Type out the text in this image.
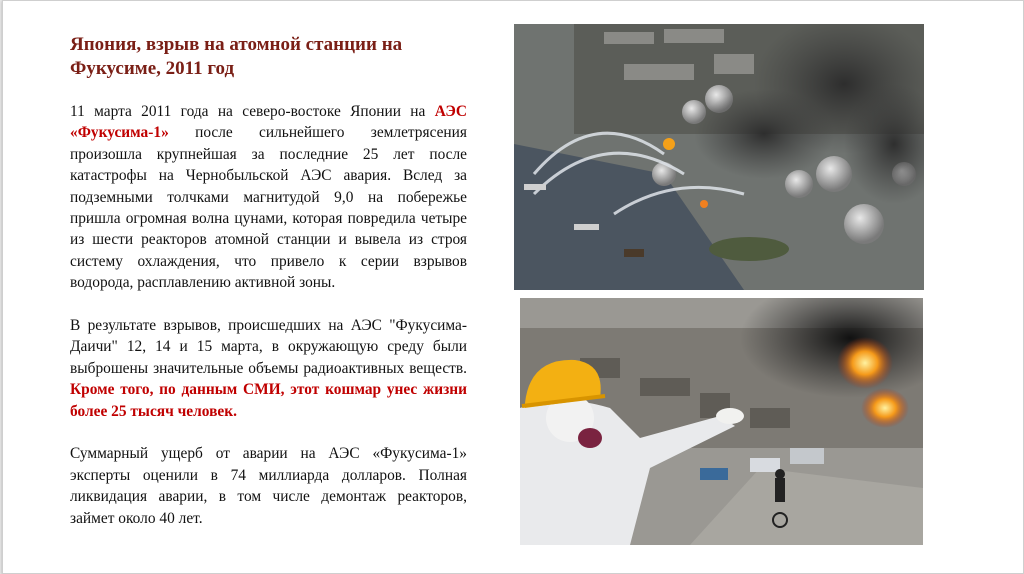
Япония, взрыв на атомной станции на
Фукусиме, 2011 год

11 марта 2011 года на северо-востоке Японии на АЭС «Фукусима-1» после сильнейшего землетрясения произошла крупнейшая за последние 25 лет после катастрофы на Чернобыльской АЭС авария. Вслед за подземными толчками магнитудой 9,0 на побережье пришла огромная волна цунами, которая повредила четыре из шести реакторов атомной станции и вывела из строя систему охлаждения, что привело к серии взрывов водорода, расплавлению активной зоны.

В результате взрывов, происшедших на АЭС "Фукусима-Даичи" 12, 14 и 15 марта, в окружающую среду были выброшены значительные объемы радиоактивных веществ. Кроме того, по данным СМИ, этот кошмар унес жизни более 25 тысяч человек.

Суммарный ущерб от аварии на АЭС «Фукусима-1» эксперты оценили в 74 миллиарда долларов. Полная ликвидация аварии, в том числе демонтаж реакторов, займет около 40 лет.
